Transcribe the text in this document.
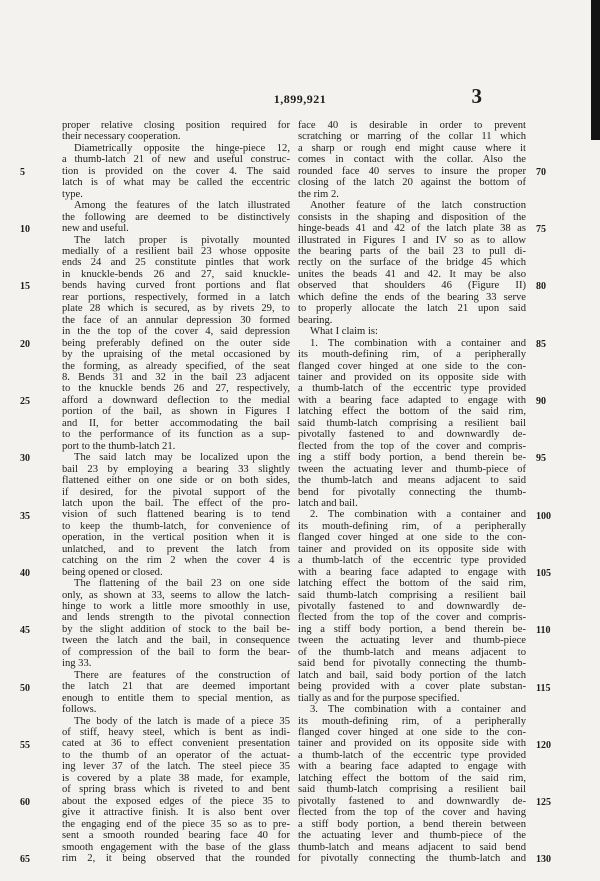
1,899,921	3
proper relative closing position required for
their necessary cooperation.
Diametrically opposite the hinge-piece 12,
a thumb-latch 21 of new and useful construc-
tion is provided on the cover 4. The said
latch is of what may be called the eccentric
type.
Among the features of the latch illustrated
the following are deemed to be distinctively
new and useful.
The latch proper is pivotally mounted
medially of a resilient bail 23 whose opposite
ends 24 and 25 constitute pintles that work
in knuckle-bends 26 and 27, said knuckle-
bends having curved front portions and flat
rear portions, respectively, formed in a latch
plate 28 which is secured, as by rivets 29, to
the face of an annular depression 30 formed
in the the top of the cover 4, said depression
being preferably defined on the outer side
by the upraising of the metal occasioned by
the forming, as already specified, of the seat
8. Bends 31 and 32 in the bail 23 adjacent
to the knuckle bends 26 and 27, respectively,
afford a downward deflection to the medial
portion of the bail, as shown in Figures I
and II, for better accommodating the bail
to the performance of its function as a sup-
port to the thumb-latch 21.
The said latch may be localized upon the
bail 23 by employing a bearing 33 slightly
flattened either on one side or on both sides,
if desired, for the pivotal support of the
latch upon the bail. The effect of the pro-
vision of such flattened bearing is to tend
to keep the thumb-latch, for convenience of
operation, in the vertical position when it is
unlatched, and to prevent the latch from
catching on the rim 2 when the cover 4 is
being opened or closed.
The flattening of the bail 23 on one side
only, as shown at 33, seems to allow the latch-
hinge to work a little more smoothly in use,
and lends strength to the pivotal connection
by the slight addition of stock to the bail be-
tween the latch and the bail, in consequence
of compression of the bail to form the bear-
ing 33.
There are features of the construction of
the latch 21 that are deemed important
enough to entitle them to special mention, as
follows.
The body of the latch is made of a piece 35
of stiff, heavy steel, which is bent as indi-
cated at 36 to effect convenient presentation
to the thumb of an operator of the actuat-
ing lever 37 of the latch. The steel piece 35
is covered by a plate 38 made, for example,
of spring brass which is riveted to and bent
about the exposed edges of the piece 35 to
give it attractive finish. It is also bent over
the engaging end of the piece 35 so as to pre-
sent a smooth rounded bearing face 40 for
smooth engagement with the base of the glass
rim 2, it being observed that the rounded
face 40 is desirable in order to prevent
scratching or marring of the collar 11 which
a sharp or rough end might cause where it
comes in contact with the collar. Also the
rounded face 40 serves to insure the proper
closing of the latch 20 against the bottom of
the rim 2.
Another feature of the latch construction
consists in the shaping and disposition of the
hinge-beads 41 and 42 of the latch plate 38 as
illustrated in Figures I and IV so as to allow
the bearing parts of the bail 23 to pull di-
rectly on the surface of the bridge 45 which
unites the beads 41 and 42. It may be also
observed that shoulders 46 (Figure II)
which define the ends of the bearing 33 serve
to properly allocate the latch 21 upon said
bearing.
What I claim is:
1. The combination with a container and
its mouth-defining rim, of a peripherally
flanged cover hinged at one side to the con-
tainer and provided on its opposite side with
a thumb-latch of the eccentric type provided
with a bearing face adapted to engage with
latching effect the bottom of the said rim,
said thumb-latch comprising a resilient bail
pivotally fastened to and downwardly de-
flected from the top of the cover and compris-
ing a stiff body portion, a bend therein be-
tween the actuating lever and thumb-piece of
the thumb-latch and means adjacent to said
bend for pivotally connecting the thumb-
latch and bail.
2. The combination with a container and
its mouth-defining rim, of a peripherally
flanged cover hinged at one side to the con-
tainer and provided on its opposite side with
a thumb-latch of the eccentric type provided
with a bearing face adapted to engage with
latching effect the bottom of the said rim,
said thumb-latch comprising a resilient bail
pivotally fastened to and downwardly de-
flected from the top of the cover and compris-
ing a stiff body portion, a bend therein be-
tween the actuating lever and thumb-piece
of the thumb-latch and means adjacent to
said bend for pivotally connecting the thumb-
latch and bail, said body portion of the latch
being provided with a cover plate substan-
tially as and for the purpose specified.
3. The combination with a container and
its mouth-defining rim, of a peripherally
flanged cover hinged at one side to the con-
tainer and provided on its opposite side with
a thumb-latch of the eccentric type provided
with a bearing face adapted to engage with
latching effect the bottom of the said rim,
said thumb-latch comprising a resilient bail
pivotally fastened to and downwardly de-
flected from the top of the cover and having
a stiff body portion, a bend therein between
the actuating lever and thumb-piece of the
thumb-latch and means adjacent to said bend
for pivotally connecting the thumb-latch and
5
10
15
20
25
30
35
40
45
50
55
60
65
70
75
80
85
90
95
100
105
110
115
120
125
130
